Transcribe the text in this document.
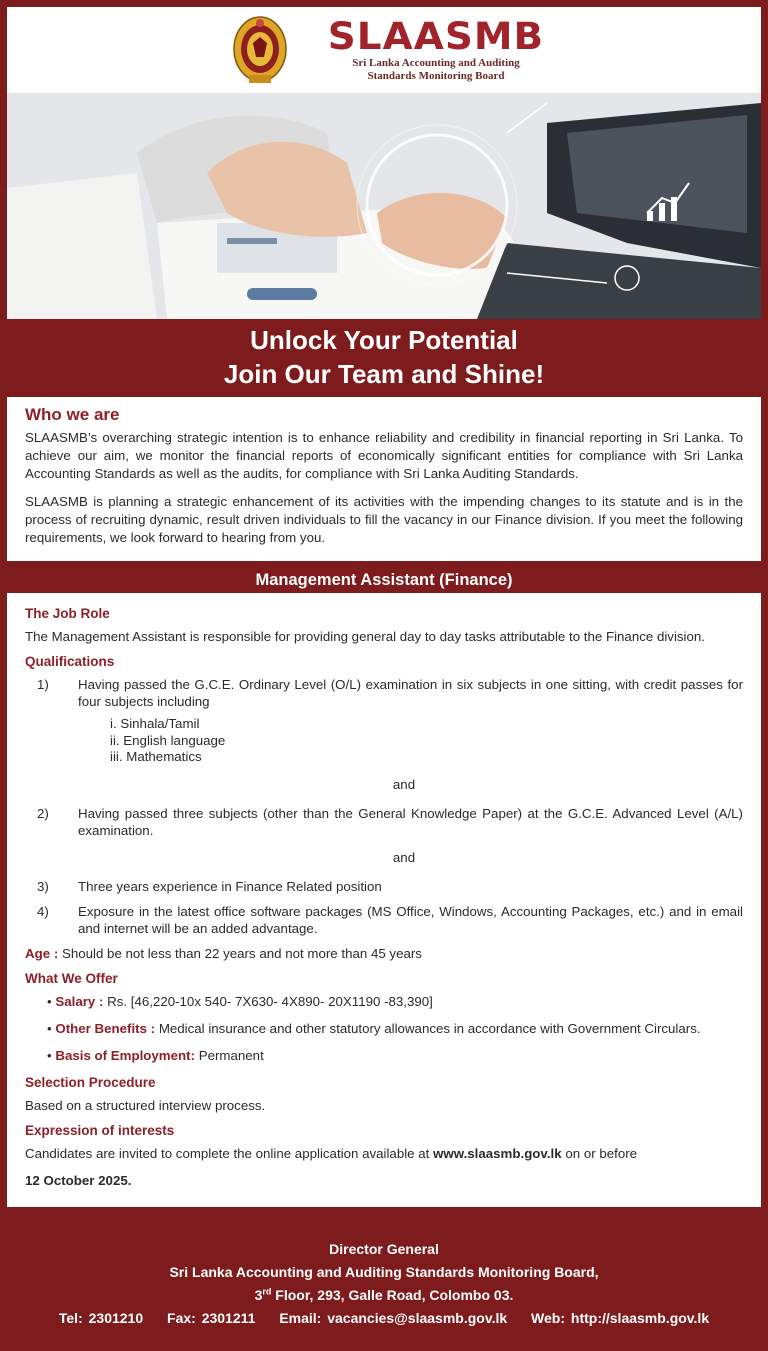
SLAASMB
Sri Lanka Accounting and Auditing
Standards Monitoring Board
Unlock Your Potential
Join Our Team and Shine!
Who we are

SLAASMB’s overarching strategic intention is to enhance reliability and credibility in financial reporting in Sri Lanka. To achieve our aim, we monitor the financial reports of economically significant entities for compliance with Sri Lanka Accounting Standards as well as the audits, for compliance with Sri Lanka Auditing Standards.

SLAASMB is planning a strategic enhancement of its activities with the impending changes to its statute and is in the process of recruiting dynamic, result driven individuals to fill the vacancy in our Finance division. If you meet the following requirements, we look forward to hearing from you.

Management Assistant (Finance)
The Job Role
The Management Assistant is responsible for providing general day to day tasks attributable to the Finance division.
Qualifications
1)	Having passed the G.C.E. Ordinary Level (O/L) examination in six subjects in one sitting, with credit passes for four subjects including
i. Sinhala/Tamil
ii. English language
iii. Mathematics
and
2)	Having passed three subjects (other than the General Knowledge Paper) at the G.C.E. Advanced Level (A/L) examination.
and
3)	Three years experience in Finance Related position
4)	Exposure in the latest office software packages (MS Office, Windows, Accounting Packages, etc.) and in email and internet will be an added advantage.
Age : Should be not less than 22 years and not more than 45 years
What We Offer
• Salary : Rs. [46,220-10x 540- 7X630- 4X890- 20X1190 -83,390]
• Other Benefits : Medical insurance and other statutory allowances in accordance with Government Circulars.
• Basis of Employment: Permanent
Selection Procedure
Based on a structured interview process.
Expression of interests
Candidates are invited to complete the online application available at www.slaasmb.gov.lk on or before
12 October 2025.
Director General
Sri Lanka Accounting and Auditing Standards Monitoring Board,
3rd Floor, 293, Galle Road, Colombo 03.
Tel: 2301210 Fax: 2301211 Email: vacancies@slaasmb.gov.lk Web: http://slaasmb.gov.lk
